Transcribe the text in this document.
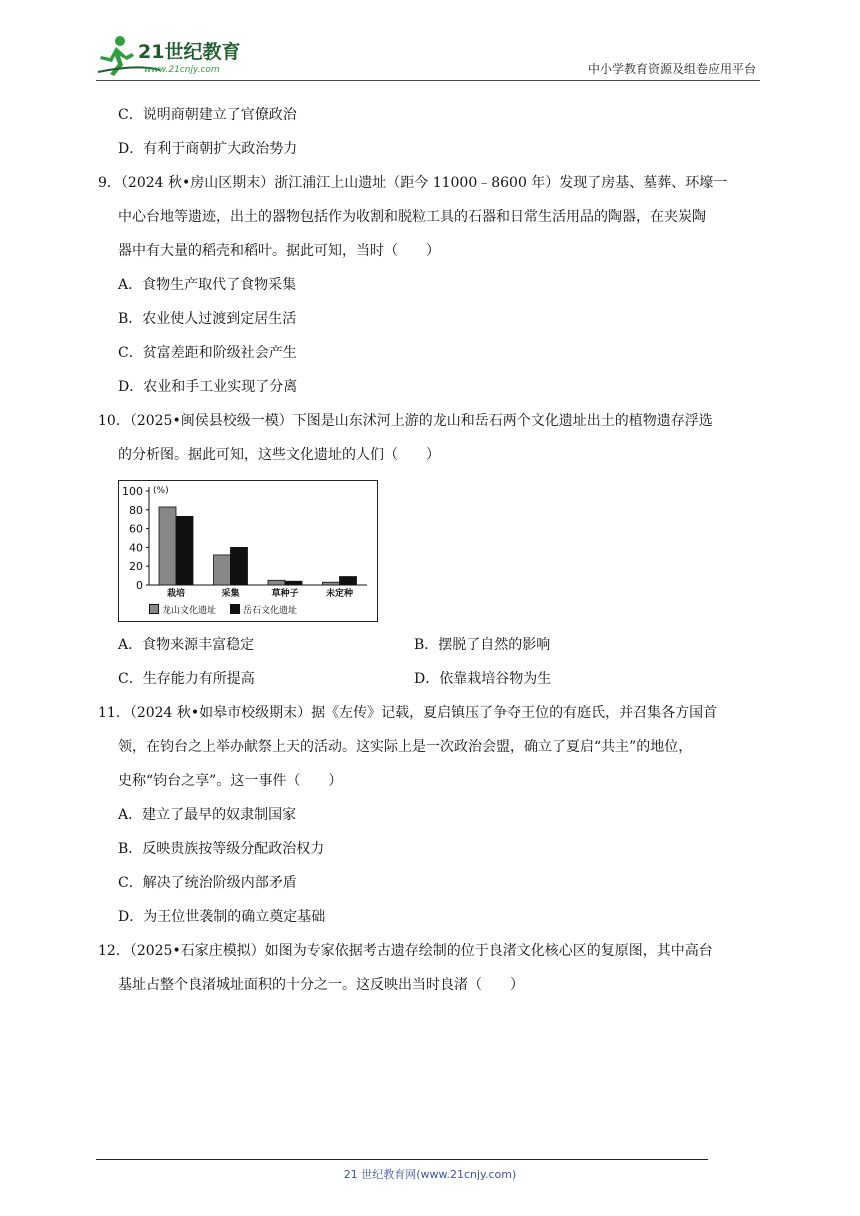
21世纪教育
www.21cnjy.com	中小学教育资源及组卷应用平台
C．说明商朝建立了官僚政治
D．有利于商朝扩大政治势力
9．（2024 秋•房山区期末）浙江浦江上山遗址（距今 11000﹣8600 年）发现了房基、墓葬、环壕一
中心台地等遗迹，出土的器物包括作为收割和脱粒工具的石器和日常生活用品的陶器，在夹炭陶
器中有大量的稻壳和稻叶。据此可知，当时（　　）
A．食物生产取代了食物采集
B．农业使人过渡到定居生活
C．贫富差距和阶级社会产生
D．农业和手工业实现了分离
10．（2025•闽侯县校级一模）下图是山东沭河上游的龙山和岳石两个文化遗址出土的植物遗存浮选
的分析图。据此可知，这些文化遗址的人们（　　）
100
80
60
40
20
0
(%)
栽培	采集	草种子	未定种
龙山文化遗址	岳石文化遗址
A．食物来源丰富稳定	B．摆脱了自然的影响
C．生存能力有所提高	D．依靠栽培谷物为生
11．（2024 秋•如皋市校级期末）据《左传》记载，夏启镇压了争夺王位的有庭氏，并召集各方国首
领，在钧台之上举办献祭上天的活动。这实际上是一次政治会盟，确立了夏启“共主”的地位，
史称“钧台之享”。这一事件（　　）
A．建立了最早的奴隶制国家
B．反映贵族按等级分配政治权力
C．解决了统治阶级内部矛盾
D．为王位世袭制的确立奠定基础
12．（2025•石家庄模拟）如图为专家依据考古遗存绘制的位于良渚文化核心区的复原图，其中高台
基址占整个良渚城址面积的十分之一。这反映出当时良渚（　　）
21 世纪教育网(www.21cnjy.com)
